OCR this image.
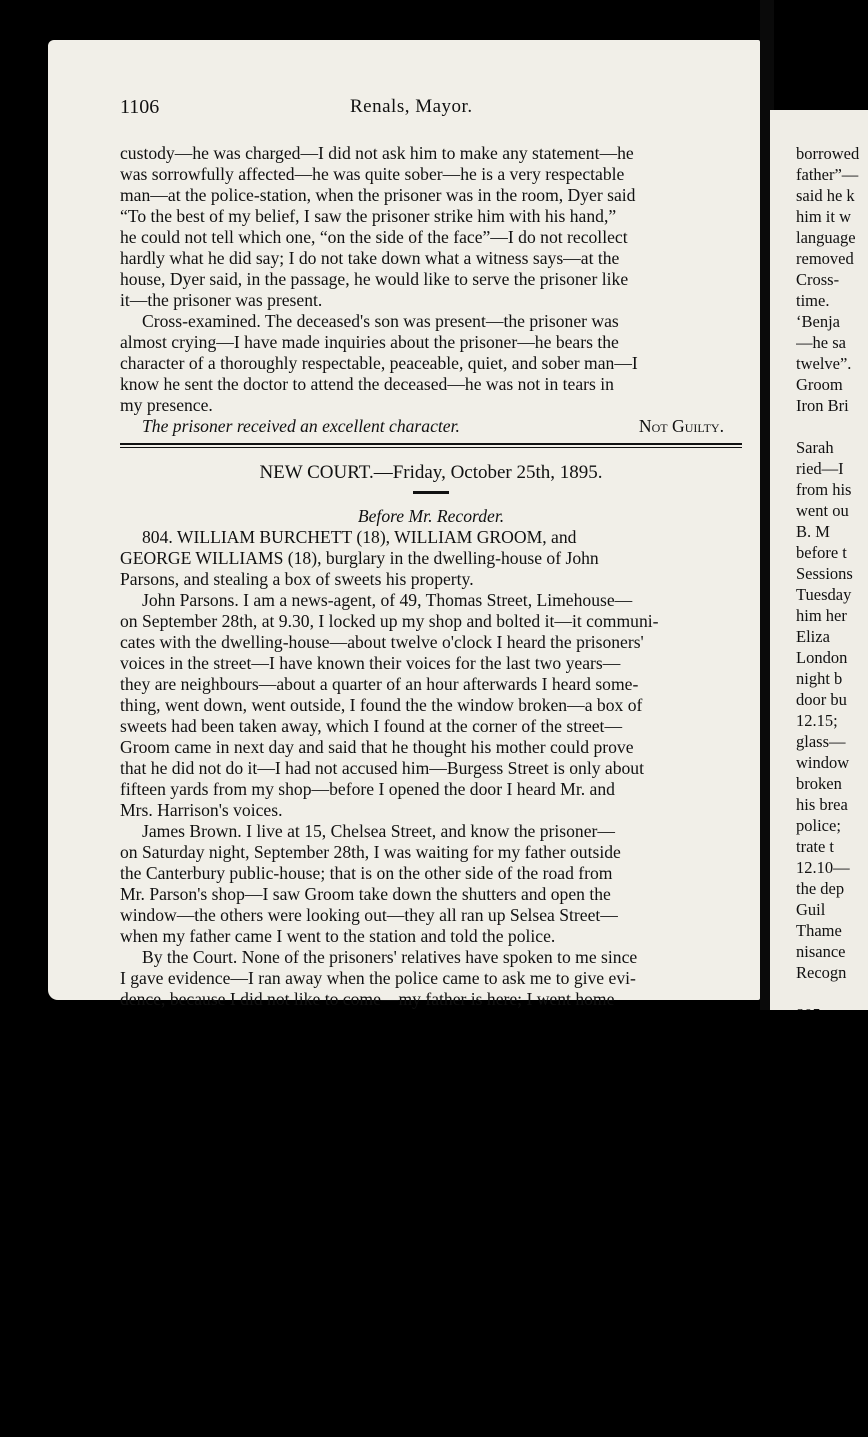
1106	Renals, Mayor.
custody—he was charged—I did not ask him to make any statement—he
was sorrowfully affected—he was quite sober—he is a very respectable
man—at the police-station, when the prisoner was in the room, Dyer said
“To the best of my belief, I saw the prisoner strike him with his hand,”
he could not tell which one, “on the side of the face”—I do not recollect
hardly what he did say; I do not take down what a witness says—at the
house, Dyer said, in the passage, he would like to serve the prisoner like
it—the prisoner was present.
Cross-examined. The deceased's son was present—the prisoner was
almost crying—I have made inquiries about the prisoner—he bears the
character of a thoroughly respectable, peaceable, quiet, and sober man—I
know he sent the doctor to attend the deceased—he was not in tears in
my presence.
The prisoner received an excellent character.	Not Guilty.
NEW COURT.—Friday, October 25th, 1895.
Before Mr. Recorder.
804. WILLIAM BURCHETT (18), WILLIAM GROOM, and
GEORGE WILLIAMS (18), burglary in the dwelling-house of John
Parsons, and stealing a box of sweets his property.
John Parsons. I am a news-agent, of 49, Thomas Street, Limehouse—
on September 28th, at 9.30, I locked up my shop and bolted it—it communi-
cates with the dwelling-house—about twelve o'clock I heard the prisoners'
voices in the street—I have known their voices for the last two years—
they are neighbours—about a quarter of an hour afterwards I heard some-
thing, went down, went outside, I found the the window broken—a box of
sweets had been taken away, which I found at the corner of the street—
Groom came in next day and said that he thought his mother could prove
that he did not do it—I had not accused him—Burgess Street is only about
fifteen yards from my shop—before I opened the door I heard Mr. and
Mrs. Harrison's voices.
James Brown. I live at 15, Chelsea Street, and know the prisoner—
on Saturday night, September 28th, I was waiting for my father outside
the Canterbury public-house; that is on the other side of the road from
Mr. Parson's shop—I saw Groom take down the shutters and open the
window—the others were looking out—they all ran up Selsea Street—
when my father came I went to the station and told the police.
By the Court. None of the prisoners' relatives have spoken to me since
I gave evidence—I ran away when the police came to ask me to give evi-
dence, because I did not like to come—my father is here; I went home
borrowed
father”—
said he k
him it w
language
removed
Cross-
time.
‘Benja
—he sa
twelve”.
Groom
Iron Bri
Sarah
ried—I
from his
went ou
B. M
before t
Sessions
Tuesday
him her
Eliza
London
night b
door bu
12.15;
glass—
window
broken
his brea
police;
trate t
12.10—
the dep
Guil
Thame
nisance
Recogn
